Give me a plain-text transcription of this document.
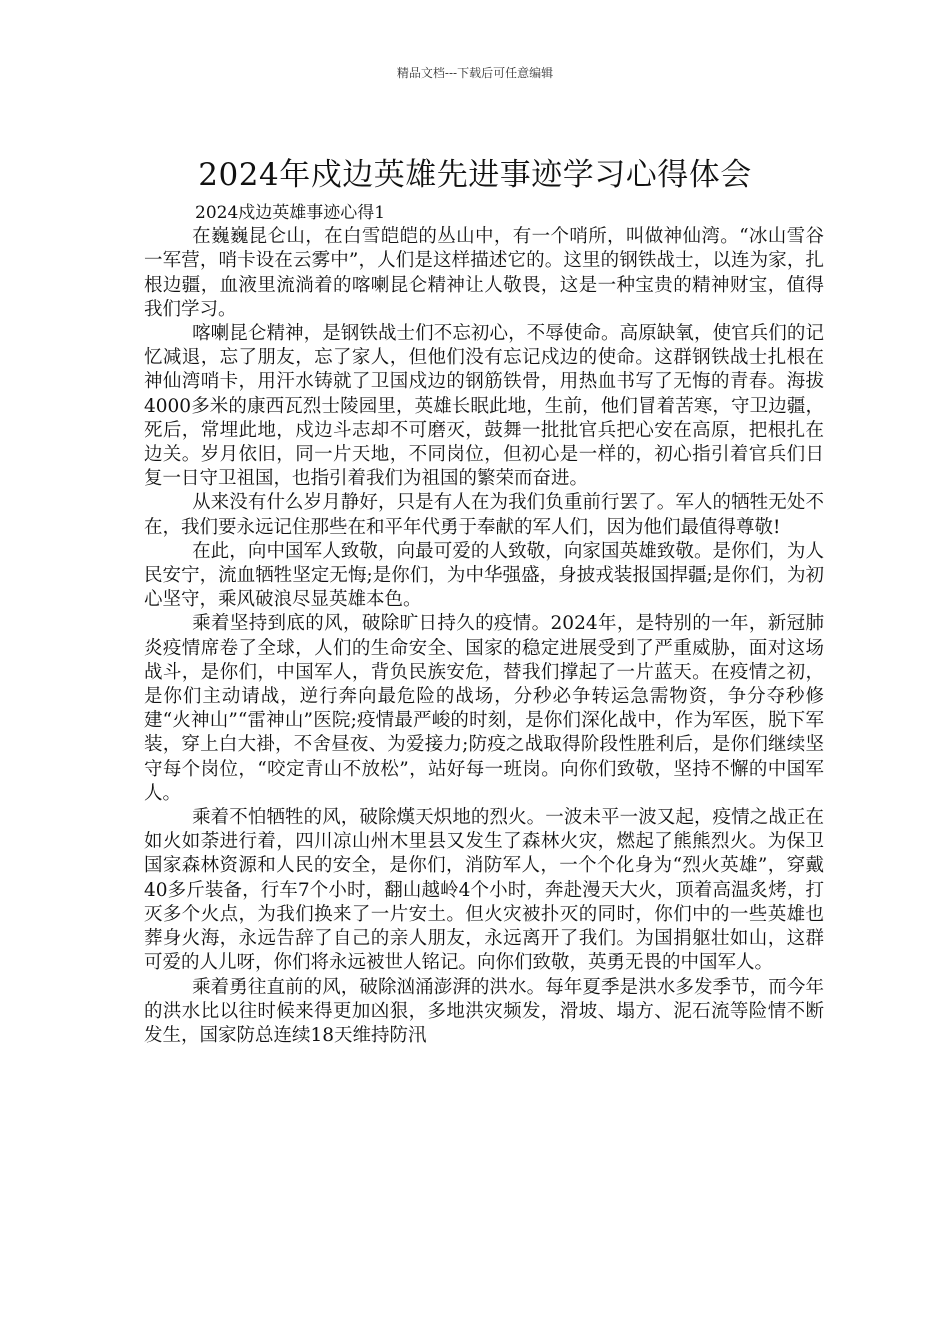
精品文档---下载后可任意编辑
2024年戍边英雄先进事迹学习心得体会

2024戍边英雄事迹心得1

在巍巍昆仑山，在白雪皑皑的丛山中，有一个哨所，叫做神仙湾。“冰山雪谷一军营，哨卡设在云雾中”，人们是这样描述它的。这里的钢铁战士，以连为家，扎根边疆，血液里流淌着的喀喇昆仑精神让人敬畏，这是一种宝贵的精神财宝，值得我们学习。

喀喇昆仑精神，是钢铁战士们不忘初心，不辱使命。高原缺氧，使官兵们的记忆减退，忘了朋友，忘了家人，但他们没有忘记戍边的使命。这群钢铁战士扎根在神仙湾哨卡，用汗水铸就了卫国戍边的钢筋铁骨，用热血书写了无悔的青春。海拔4000多米的康西瓦烈士陵园里，英雄长眠此地，生前，他们冒着苦寒，守卫边疆，死后，常埋此地，戍边斗志却不可磨灭，鼓舞一批批官兵把心安在高原，把根扎在边关。岁月依旧，同一片天地，不同岗位，但初心是一样的，初心指引着官兵们日复一日守卫祖国，也指引着我们为祖国的繁荣而奋进。

从来没有什么岁月静好，只是有人在为我们负重前行罢了。军人的牺牲无处不在，我们要永远记住那些在和平年代勇于奉献的军人们，因为他们最值得尊敬!

在此，向中国军人致敬，向最可爱的人致敬，向家国英雄致敬。是你们，为人民安宁，流血牺牲坚定无悔;是你们，为中华强盛，身披戎装报国捍疆;是你们，为初心坚守，乘风破浪尽显英雄本色。

乘着坚持到底的风，破除旷日持久的疫情。2024年，是特别的一年，新冠肺炎疫情席卷了全球，人们的生命安全、国家的稳定进展受到了严重威胁，面对这场战斗，是你们，中国军人，背负民族安危，替我们撑起了一片蓝天。在疫情之初，是你们主动请战，逆行奔向最危险的战场，分秒必争转运急需物资，争分夺秒修建“火神山”“雷神山”医院;疫情最严峻的时刻，是你们深化战中，作为军医，脱下军装，穿上白大褂，不舍昼夜、为爱接力;防疫之战取得阶段性胜利后，是你们继续坚守每个岗位，“咬定青山不放松”，站好每一班岗。向你们致敬，坚持不懈的中国军人。

乘着不怕牺牲的风，破除熯天炽地的烈火。一波未平一波又起，疫情之战正在如火如荼进行着，四川凉山州木里县又发生了森林火灾，燃起了熊熊烈火。为保卫国家森林资源和人民的安全，是你们，消防军人，一个个化身为“烈火英雄”，穿戴40多斤装备，行车7个小时，翻山越岭4个小时，奔赴漫天大火，顶着高温炙烤，打灭多个火点，为我们换来了一片安土。但火灾被扑灭的同时，你们中的一些英雄也葬身火海，永远告辞了自己的亲人朋友，永远离开了我们。为国捐躯壮如山，这群可爱的人儿呀，你们将永远被世人铭记。向你们致敬，英勇无畏的中国军人。

乘着勇往直前的风，破除汹涌澎湃的洪水。每年夏季是洪水多发季节，而今年的洪水比以往时候来得更加凶狠，多地洪灾频发，滑坡、塌方、泥石流等险情不断发生，国家防总连续18天维持防汛
